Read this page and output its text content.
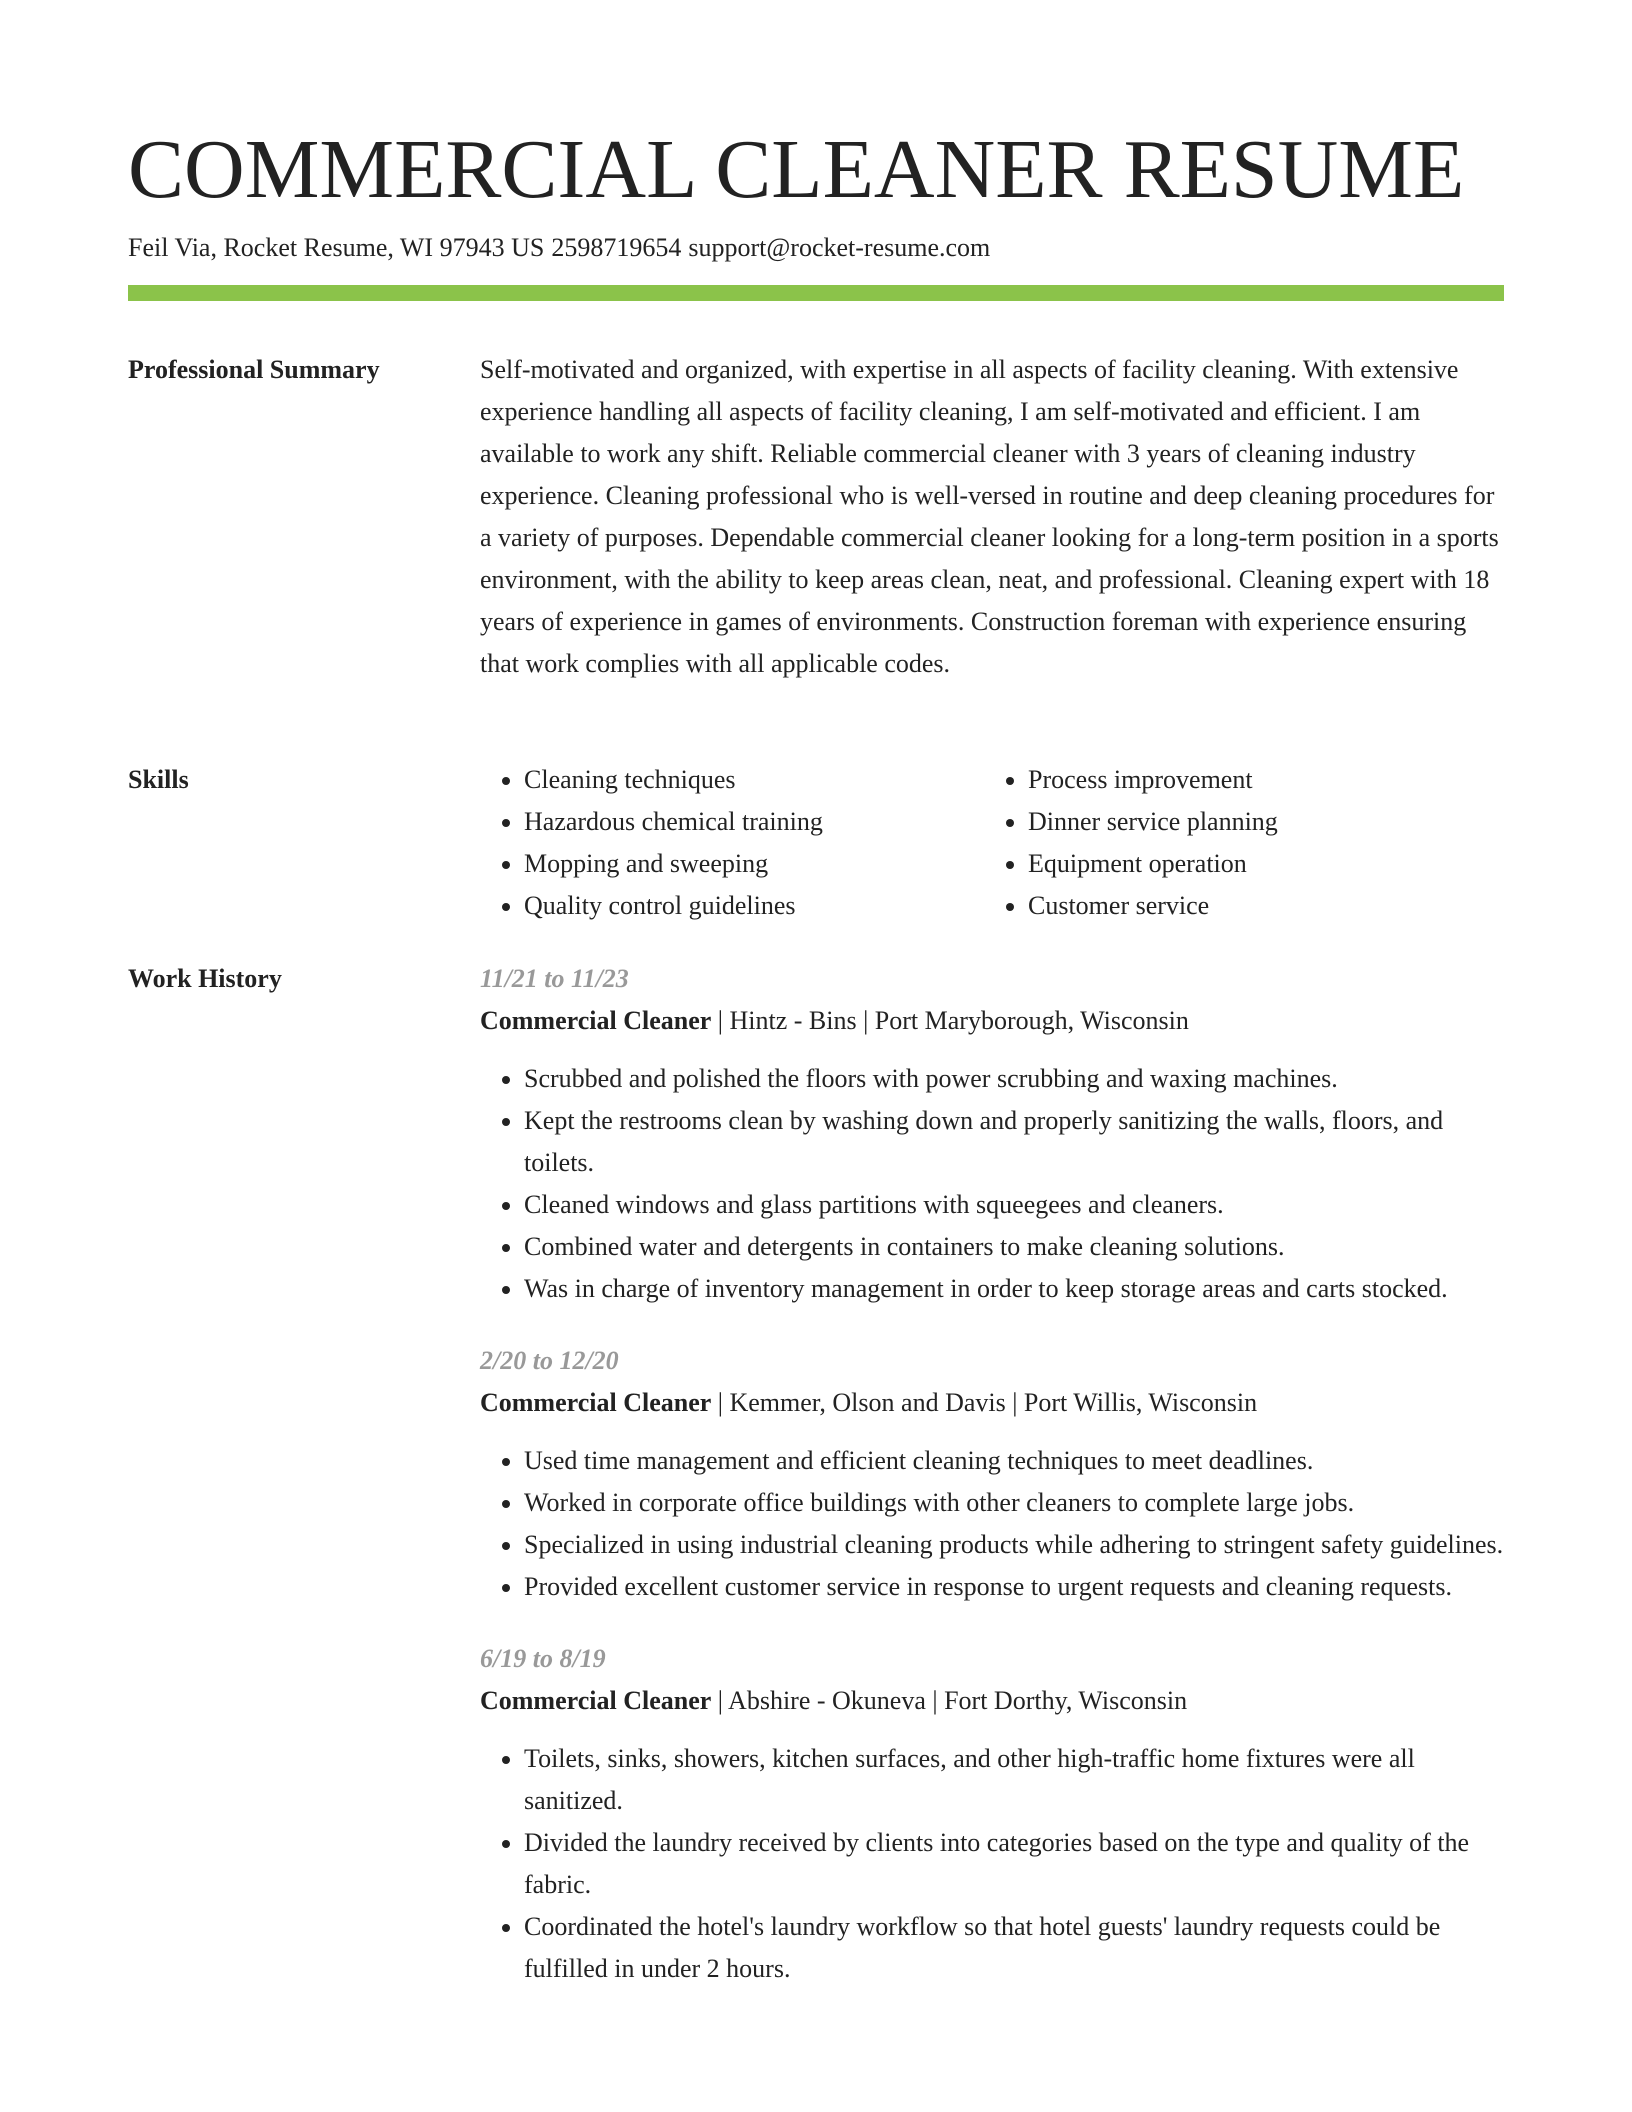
COMMERCIAL CLEANER RESUME
Feil Via, Rocket Resume, WI 97943 US 2598719654 support@rocket-resume.com
Professional Summary	Self-motivated and organized, with expertise in all aspects of facility cleaning. With extensive experience handling all aspects of facility cleaning, I am self-motivated and efficient. I am available to work any shift. Reliable commercial cleaner with 3 years of cleaning industry experience. Cleaning professional who is well-versed in routine and deep cleaning procedures for a variety of purposes. Dependable commercial cleaner looking for a long-term position in a sports environment, with the ability to keep areas clean, neat, and professional. Cleaning expert with 18 years of experience in games of environments. Construction foreman with experience ensuring that work complies with all applicable codes.

Skills
•	Cleaning techniques
• Hazardous chemical training
• Mopping and sweeping
• Quality control guidelines
• Process improvement
• Dinner service planning
• Equipment operation
• Customer service
Work History	11/21 to 11/23
Commercial Cleaner | Hintz - Bins | Port Maryborough, Wisconsin
• Scrubbed and polished the floors with power scrubbing and waxing machines.
• Kept the restrooms clean by washing down and properly sanitizing the walls, floors, and toilets.
• Cleaned windows and glass partitions with squeegees and cleaners.
• Combined water and detergents in containers to make cleaning solutions.
• Was in charge of inventory management in order to keep storage areas and carts stocked.
2/20 to 12/20
Commercial Cleaner | Kemmer, Olson and Davis | Port Willis, Wisconsin
• Used time management and efficient cleaning techniques to meet deadlines.
• Worked in corporate office buildings with other cleaners to complete large jobs.
• Specialized in using industrial cleaning products while adhering to stringent safety guidelines.
• Provided excellent customer service in response to urgent requests and cleaning requests.
6/19 to 8/19
Commercial Cleaner | Abshire - Okuneva | Fort Dorthy, Wisconsin
• Toilets, sinks, showers, kitchen surfaces, and other high-traffic home fixtures were all sanitized.
• Divided the laundry received by clients into categories based on the type and quality of the fabric.
• Coordinated the hotel's laundry workflow so that hotel guests' laundry requests could be fulfilled in under 2 hours.
